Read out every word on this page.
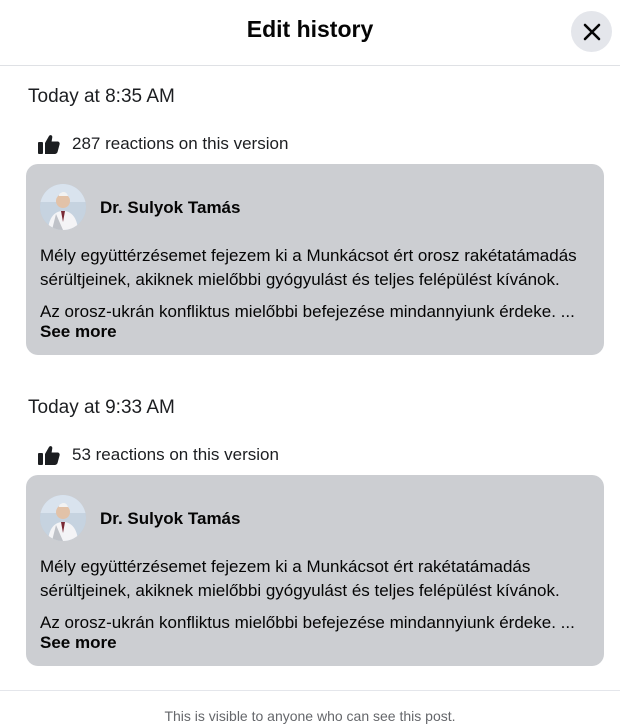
Edit history
Today at 8:35 AM
287 reactions on this version
Dr. Sulyok Tamás
Mély együttérzésemet fejezem ki a Munkácsot ért orosz rakétatámadás sérültjeinek, akiknek mielőbbi gyógyulást és teljes felépülést kívánok.
Az orosz-ukrán konfliktus mielőbbi befejezése mindannyiunk érdeke. ...
See more
Today at 9:33 AM
53 reactions on this version
Dr. Sulyok Tamás
Mély együttérzésemet fejezem ki a Munkácsot ért rakétatámadás sérültjeinek, akiknek mielőbbi gyógyulást és teljes felépülést kívánok.
Az orosz-ukrán konfliktus mielőbbi befejezése mindannyiunk érdeke. ...
See more
This is visible to anyone who can see this post.
